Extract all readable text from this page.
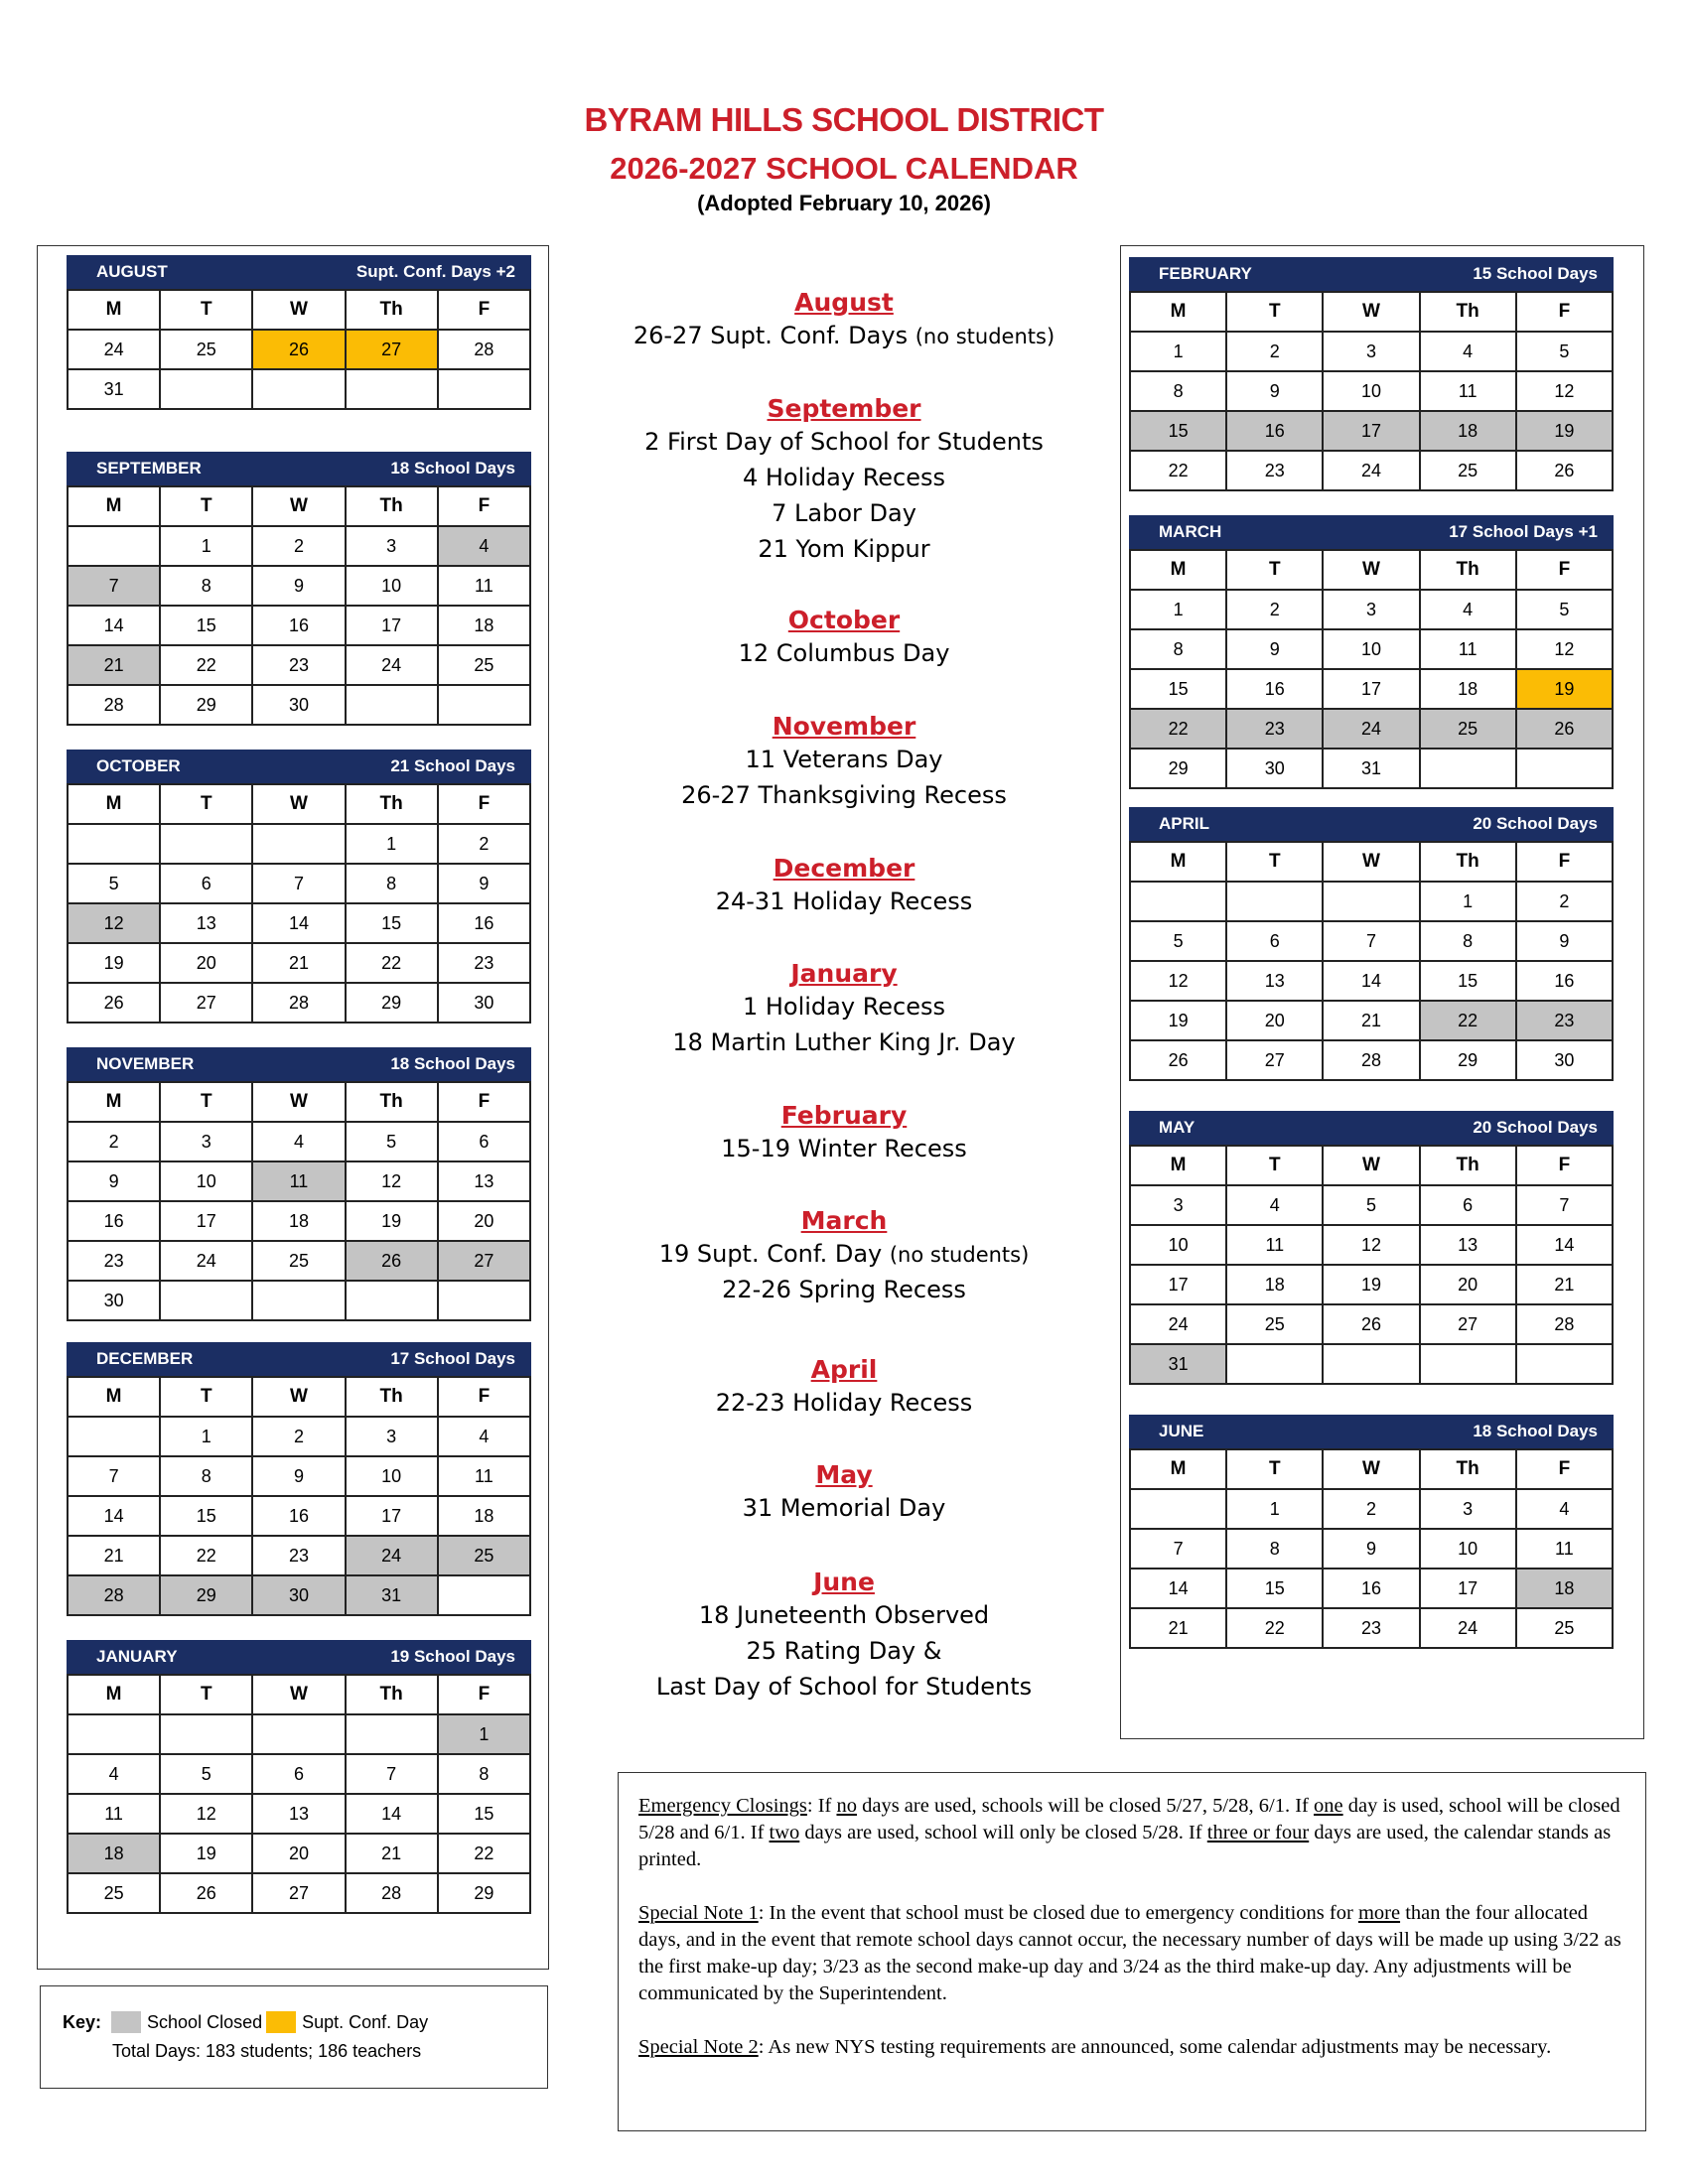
BYRAM HILLS SCHOOL DISTRICT
2026-2027 SCHOOL CALENDAR
(Adopted February 10, 2026)
AUGUST	Supt. Conf. Days +2
M	T	W	Th	F
24	25	26	27	28
31				
SEPTEMBER	18 School Days
M	T	W	Th	F
	1	2	3	4
7	8	9	10	11
14	15	16	17	18
21	22	23	24	25
28	29	30		
OCTOBER	21 School Days
M	T	W	Th	F
			1	2
5	6	7	8	9
12	13	14	15	16
19	20	21	22	23
26	27	28	29	30
NOVEMBER	18 School Days
M	T	W	Th	F
2	3	4	5	6
9	10	11	12	13
16	17	18	19	20
23	24	25	26	27
30				
DECEMBER	17 School Days
M	T	W	Th	F
	1	2	3	4
7	8	9	10	11
14	15	16	17	18
21	22	23	24	25
28	29	30	31	
JANUARY	19 School Days
M	T	W	Th	F
				1
4	5	6	7	8
11	12	13	14	15
18	19	20	21	22
25	26	27	28	29
FEBRUARY	15 School Days
M	T	W	Th	F
1	2	3	4	5
8	9	10	11	12
15	16	17	18	19
22	23	24	25	26
MARCH	17 School Days +1
M	T	W	Th	F
1	2	3	4	5
8	9	10	11	12
15	16	17	18	19
22	23	24	25	26
29	30	31		
APRIL	20 School Days
M	T	W	Th	F
			1	2
5	6	7	8	9
12	13	14	15	16
19	20	21	22	23
26	27	28	29	30
MAY	20 School Days
M	T	W	Th	F
3	4	5	6	7
10	11	12	13	14
17	18	19	20	21
24	25	26	27	28
31				
JUNE	18 School Days
M	T	W	Th	F
	1	2	3	4
7	8	9	10	11
14	15	16	17	18
21	22	23	24	25
August
26-27 Supt. Conf. Days (no students)
September
2 First Day of School for Students
4 Holiday Recess
7 Labor Day
21 Yom Kippur
October
12 Columbus Day
November
11 Veterans Day
26-27 Thanksgiving Recess
December
24-31 Holiday Recess
January
1 Holiday Recess
18 Martin Luther King Jr. Day
February
15-19 Winter Recess
March
19 Supt. Conf. Day (no students)
22-26 Spring Recess
April
22-23 Holiday Recess
May
31 Memorial Day
June
18 Juneteenth Observed
25 Rating Day &
Last Day of School for Students

Emergency Closings: If no days are used, schools will be closed 5/27, 5/28, 6/1. If one day is used, school will be closed 5/28 and 6/1. If two days are used, school will only be closed 5/28. If three or four days are used, the calendar stands as printed.

Special Note 1: In the event that school must be closed due to emergency conditions for more than the four allocated days, and in the event that remote school days cannot occur, the necessary number of days will be made up using 3/22 as the first make-up day; 3/23 as the second make-up day and 3/24 as the third make-up day. Any adjustments will be communicated by the Superintendent.

Special Note 2: As new NYS testing requirements are announced, some calendar adjustments may be necessary.

Key :	School Closed Supt. Conf. Day
Total Days: 183 students; 186 teachers
